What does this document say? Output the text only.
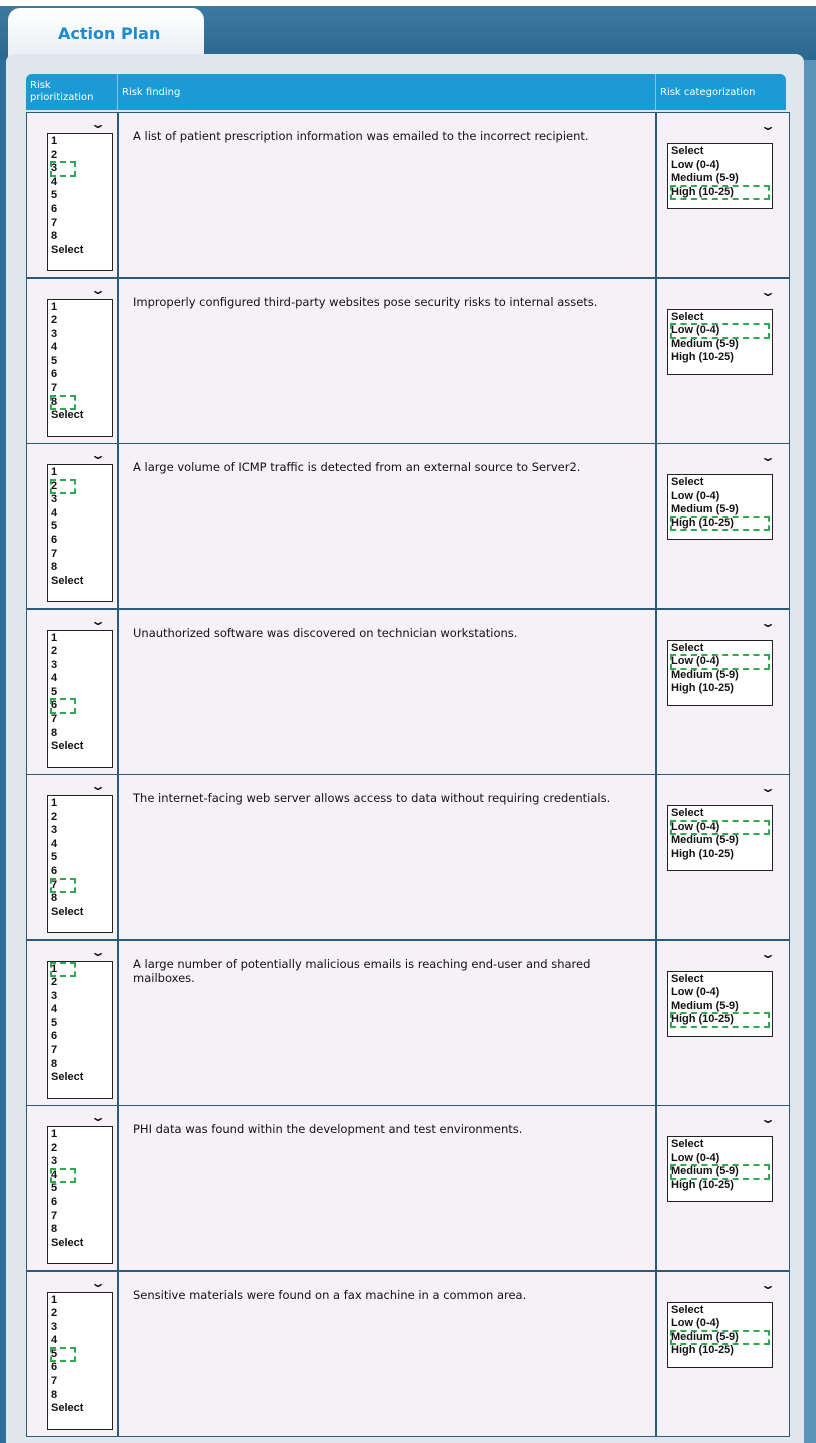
Action Plan
Risk prioritization	Risk finding	Risk categorization
⌄
1
2
3
4
5
6
7
8
Select
A list of patient prescription information was emailed to the incorrect recipient.
⌄
Select
Low (0-4)
Medium (5-9)
High (10-25)
⌄
1
2
3
4
5
6
7
8
Select
Improperly configured third-party websites pose security risks to internal assets.
⌄
Select
Low (0-4)
Medium (5-9)
High (10-25)
⌄
1
2
3
4
5
6
7
8
Select
A large volume of ICMP traffic is detected from an external source to Server2.
⌄
Select
Low (0-4)
Medium (5-9)
High (10-25)
⌄
1
2
3
4
5
6
7
8
Select
Unauthorized software was discovered on technician workstations.
⌄
Select
Low (0-4)
Medium (5-9)
High (10-25)
⌄
1
2
3
4
5
6
7
8
Select
The internet-facing web server allows access to data without requiring credentials.
⌄
Select
Low (0-4)
Medium (5-9)
High (10-25)
⌄
1
2
3
4
5
6
7
8
Select
A large number of potentially malicious emails is reaching end-user and shared mailboxes.
⌄
Select
Low (0-4)
Medium (5-9)
High (10-25)
⌄
1
2
3
4
5
6
7
8
Select
PHI data was found within the development and test environments.
⌄
Select
Low (0-4)
Medium (5-9)
High (10-25)
⌄
1
2
3
4
5
6
7
8
Select
Sensitive materials were found on a fax machine in a common area.
⌄
Select
Low (0-4)
Medium (5-9)
High (10-25)
